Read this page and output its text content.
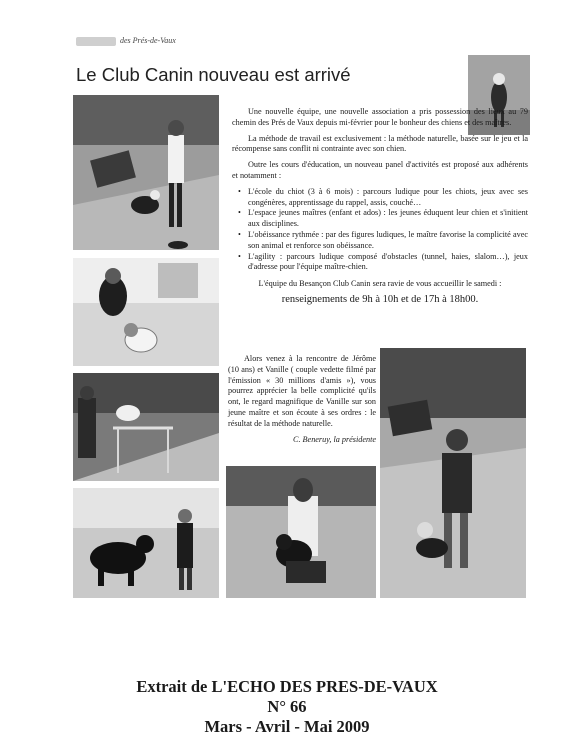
des Prés-de-Vaux
Le Club Canin nouveau est arrivé

Une nouvelle équipe, une nouvelle association a pris possession des lieux au 79 chemin des Prés de Vaux depuis mi-février pour le bonheur des chiens et des maîtres.

La méthode de travail est exclusivement : la méthode naturelle, basée sur le jeu et la récompense sans conflit ni contrainte avec son chien.

Outre les cours d'éducation, un nouveau panel d'activités est proposé aux adhérents et notamment :

• L'école du chiot (3 à 6 mois) : parcours ludique pour les chiots, jeux avec ses congénères, apprentissage du rappel, assis, couché…
• L'espace jeunes maîtres (enfant et ados) : les jeunes éduquent leur chien et s'initient aux disciplines.
• L'obéissance rythmée : par des figures ludiques, le maître favorise la complicité avec son animal et renforce son obéissance.
• L'agility : parcours ludique composé d'obstacles (tunnel, haies, slalom…), jeux d'adresse pour l'équipe maître-chien.

L'équipe du Besançon Club Canin sera ravie de vous accueillir le samedi :

renseignements de 9h à 10h et de 17h à 18h00.

Alors venez à la rencontre de Jérôme (10 ans) et Vanille ( couple vedette filmé par l'émission « 30 millions d'amis »), vous pourrez apprécier la belle complicité qu'ils ont, le regard magnifique de Vanille sur son jeune maître et son écoute à ses ordres : le résultat de la méthode naturelle.

C. Beneruy, la présidente

Extrait de L'ECHO DES PRES-DE-VAUX
N° 66
Mars - Avril - Mai 2009
